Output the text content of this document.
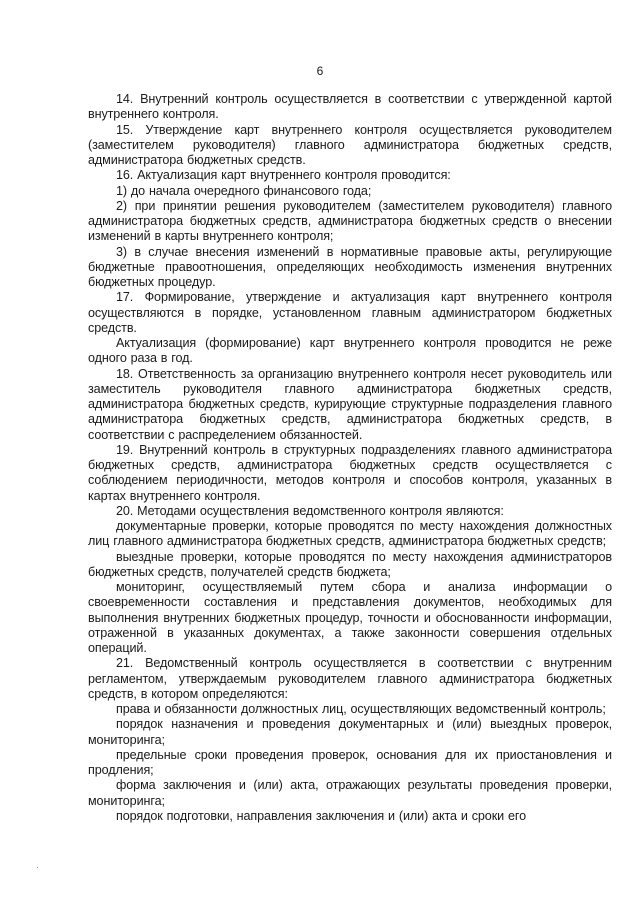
6

14. Внутренний контроль осуществляется в соответствии с утвержденной картой внутреннего контроля.

15. Утверждение карт внутреннего контроля осуществляется руководителем (заместителем руководителя) главного администратора бюджетных средств, администратора бюджетных средств.

16. Актуализация карт внутреннего контроля проводится:

1) до начала очередного финансового года;

2) при принятии решения руководителем (заместителем руководителя) главного администратора бюджетных средств, администратора бюджетных средств о внесении изменений в карты внутреннего контроля;

3) в случае внесения изменений в нормативные правовые акты, регулирующие бюджетные правоотношения, определяющих необходимость изменения внутренних бюджетных процедур.

17. Формирование, утверждение и актуализация карт внутреннего контроля осуществляются в порядке, установленном главным администратором бюджетных средств.

Актуализация (формирование) карт внутреннего контроля проводится не реже одного раза в год.

18. Ответственность за организацию внутреннего контроля несет руководитель или заместитель руководителя главного администратора бюджетных средств, администратора бюджетных средств, курирующие структурные подразделения главного администратора бюджетных средств, администратора бюджетных средств, в соответствии с распределением обязанностей.

19. Внутренний контроль в структурных подразделениях главного администратора бюджетных средств, администратора бюджетных средств осуществляется с соблюдением периодичности, методов контроля и способов контроля, указанных в картах внутреннего контроля.

20. Методами осуществления ведомственного контроля являются:

документарные проверки, которые проводятся по месту нахождения должностных лиц главного администратора бюджетных средств, администратора бюджетных средств;

выездные проверки, которые проводятся по месту нахождения администраторов бюджетных средств, получателей средств бюджета;

мониторинг, осуществляемый путем сбора и анализа информации о своевременности составления и представления документов, необходимых для выполнения внутренних бюджетных процедур, точности и обоснованности информации, отраженной в указанных документах, а также законности совершения отдельных операций.

21. Ведомственный контроль осуществляется в соответствии с внутренним регламентом, утверждаемым руководителем главного администратора бюджетных средств, в котором определяются:

права и обязанности должностных лиц, осуществляющих ведомственный контроль;

порядок назначения и проведения документарных и (или) выездных проверок, мониторинга;

предельные сроки проведения проверок, основания для их приостановления и продления;

форма заключения и (или) акта, отражающих результаты проведения проверки, мониторинга;

порядок подготовки, направления заключения и (или) акта и сроки его

·
